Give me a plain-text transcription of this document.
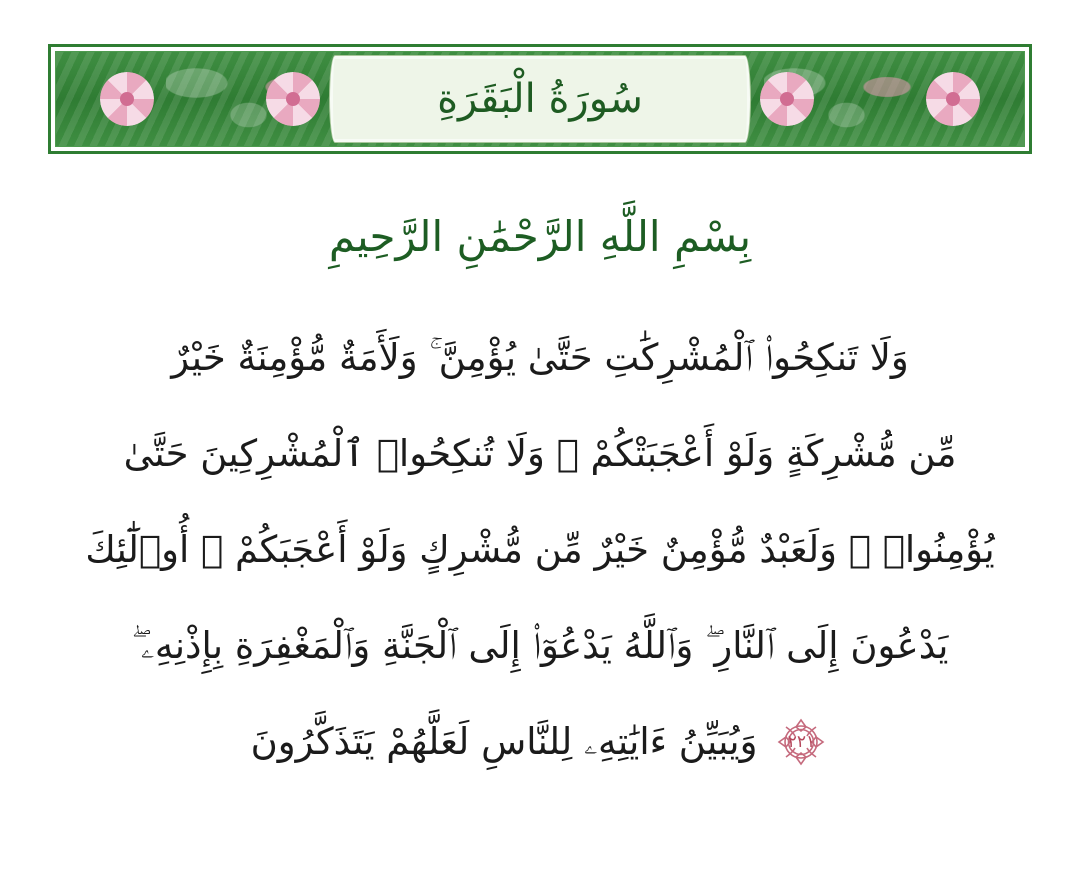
سُورَةُ الْبَقَرَةِ
بِسْمِ اللَّهِ الرَّحْمَٰنِ الرَّحِيمِ
وَلَا تَنكِحُوا۟ ٱلْمُشْرِكَٰتِ حَتَّىٰ يُؤْمِنَّ ۚ وَلَأَمَةٌ مُّؤْمِنَةٌ خَيْرٌ
مِّن مُّشْرِكَةٍ وَلَوْ أَعْجَبَتْكُمْ ۗ وَلَا تُنكِحُوا۟ ٱلْمُشْرِكِينَ حَتَّىٰ
يُؤْمِنُوا۟ ۚ وَلَعَبْدٌ مُّؤْمِنٌ خَيْرٌ مِّن مُّشْرِكٍ وَلَوْ أَعْجَبَكُمْ ۗ أُو۟لَٰٓئِكَ
يَدْعُونَ إِلَى ٱلنَّارِ ۖ وَٱللَّهُ يَدْعُوٓا۟ إِلَى ٱلْجَنَّةِ وَٱلْمَغْفِرَةِ بِإِذْنِهِۦ ۖ
٢٢١
وَيُبَيِّنُ ءَايَٰتِهِۦ لِلنَّاسِ لَعَلَّهُمْ يَتَذَكَّرُونَ
